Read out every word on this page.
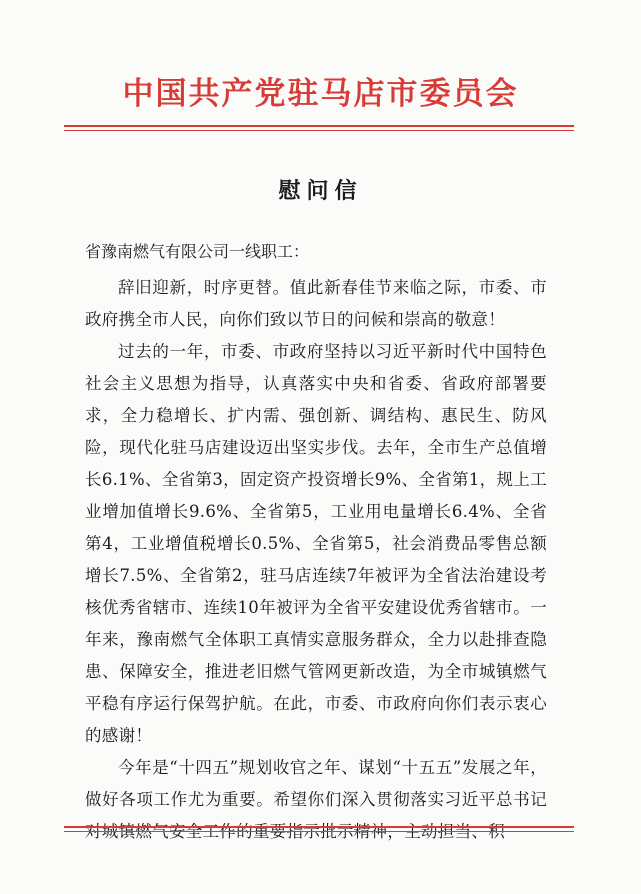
中国共产党驻马店市委员会
慰问信
省豫南燃气有限公司一线职工：

辞旧迎新，时序更替。值此新春佳节来临之际，市委、市政府携全市人民，向你们致以节日的问候和崇高的敬意！

过去的一年，市委、市政府坚持以习近平新时代中国特色社会主义思想为指导，认真落实中央和省委、省政府部署要求，全力稳增长、扩内需、强创新、调结构、惠民生、防风险，现代化驻马店建设迈出坚实步伐。去年，全市生产总值增长6.1%、全省第3，固定资产投资增长9%、全省第1，规上工业增加值增长9.6%、全省第5，工业用电量增长6.4%、全省第4，工业增值税增长0.5%、全省第5，社会消费品零售总额增长7.5%、全省第2，驻马店连续7年被评为全省法治建设考核优秀省辖市、连续10年被评为全省平安建设优秀省辖市。一年来，豫南燃气全体职工真情实意服务群众，全力以赴排查隐患、保障安全，推进老旧燃气管网更新改造，为全市城镇燃气平稳有序运行保驾护航。在此，市委、市政府向你们表示衷心的感谢！

今年是“十四五”规划收官之年、谋划“十五五”发展之年，做好各项工作尤为重要。希望你们深入贯彻落实习近平总书记对城镇燃气安全工作的重要指示批示精神，主动担当、积
